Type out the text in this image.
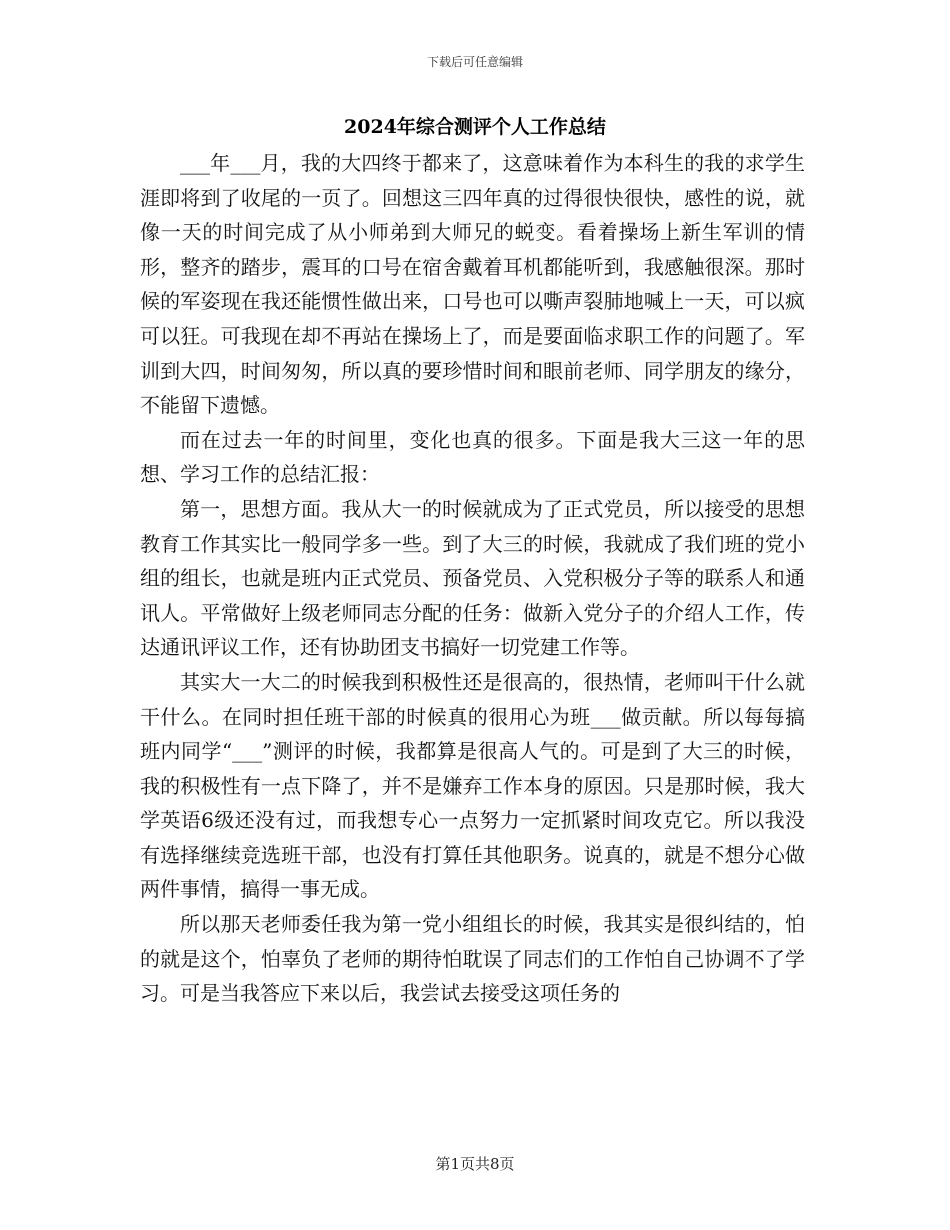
下载后可任意编辑
2024年综合测评个人工作总结

___年___月，我的大四终于都来了，这意味着作为本科生的我的求学生涯即将到了收尾的一页了。回想这三四年真的过得很快很快，感性的说，就像一天的时间完成了从小师弟到大师兄的蜕变。看着操场上新生军训的情形，整齐的踏步，震耳的口号在宿舍戴着耳机都能听到，我感触很深。那时候的军姿现在我还能惯性做出来，口号也可以嘶声裂肺地喊上一天，可以疯可以狂。可我现在却不再站在操场上了，而是要面临求职工作的问题了。军训到大四，时间匆匆，所以真的要珍惜时间和眼前老师、同学朋友的缘分，不能留下遗憾。

而在过去一年的时间里，变化也真的很多。下面是我大三这一年的思想、学习工作的总结汇报：

第一，思想方面。我从大一的时候就成为了正式党员，所以接受的思想教育工作其实比一般同学多一些。到了大三的时候，我就成了我们班的党小组的组长，也就是班内正式党员、预备党员、入党积极分子等的联系人和通讯人。平常做好上级老师同志分配的任务：做新入党分子的介绍人工作，传达通讯评议工作，还有协助团支书搞好一切党建工作等。

其实大一大二的时候我到积极性还是很高的，很热情，老师叫干什么就干什么。在同时担任班干部的时候真的很用心为班___做贡献。所以每每搞班内同学“___”测评的时候，我都算是很高人气的。可是到了大三的时候，我的积极性有一点下降了，并不是嫌弃工作本身的原因。只是那时候，我大学英语6级还没有过，而我想专心一点努力一定抓紧时间攻克它。所以我没有选择继续竞选班干部，也没有打算任其他职务。说真的，就是不想分心做两件事情，搞得一事无成。

所以那天老师委任我为第一党小组组长的时候，我其实是很纠结的，怕的就是这个，怕辜负了老师的期待怕耽误了同志们的工作怕自己协调不了学习。可是当我答应下来以后，我尝试去接受这项任务的

第1页共8页
